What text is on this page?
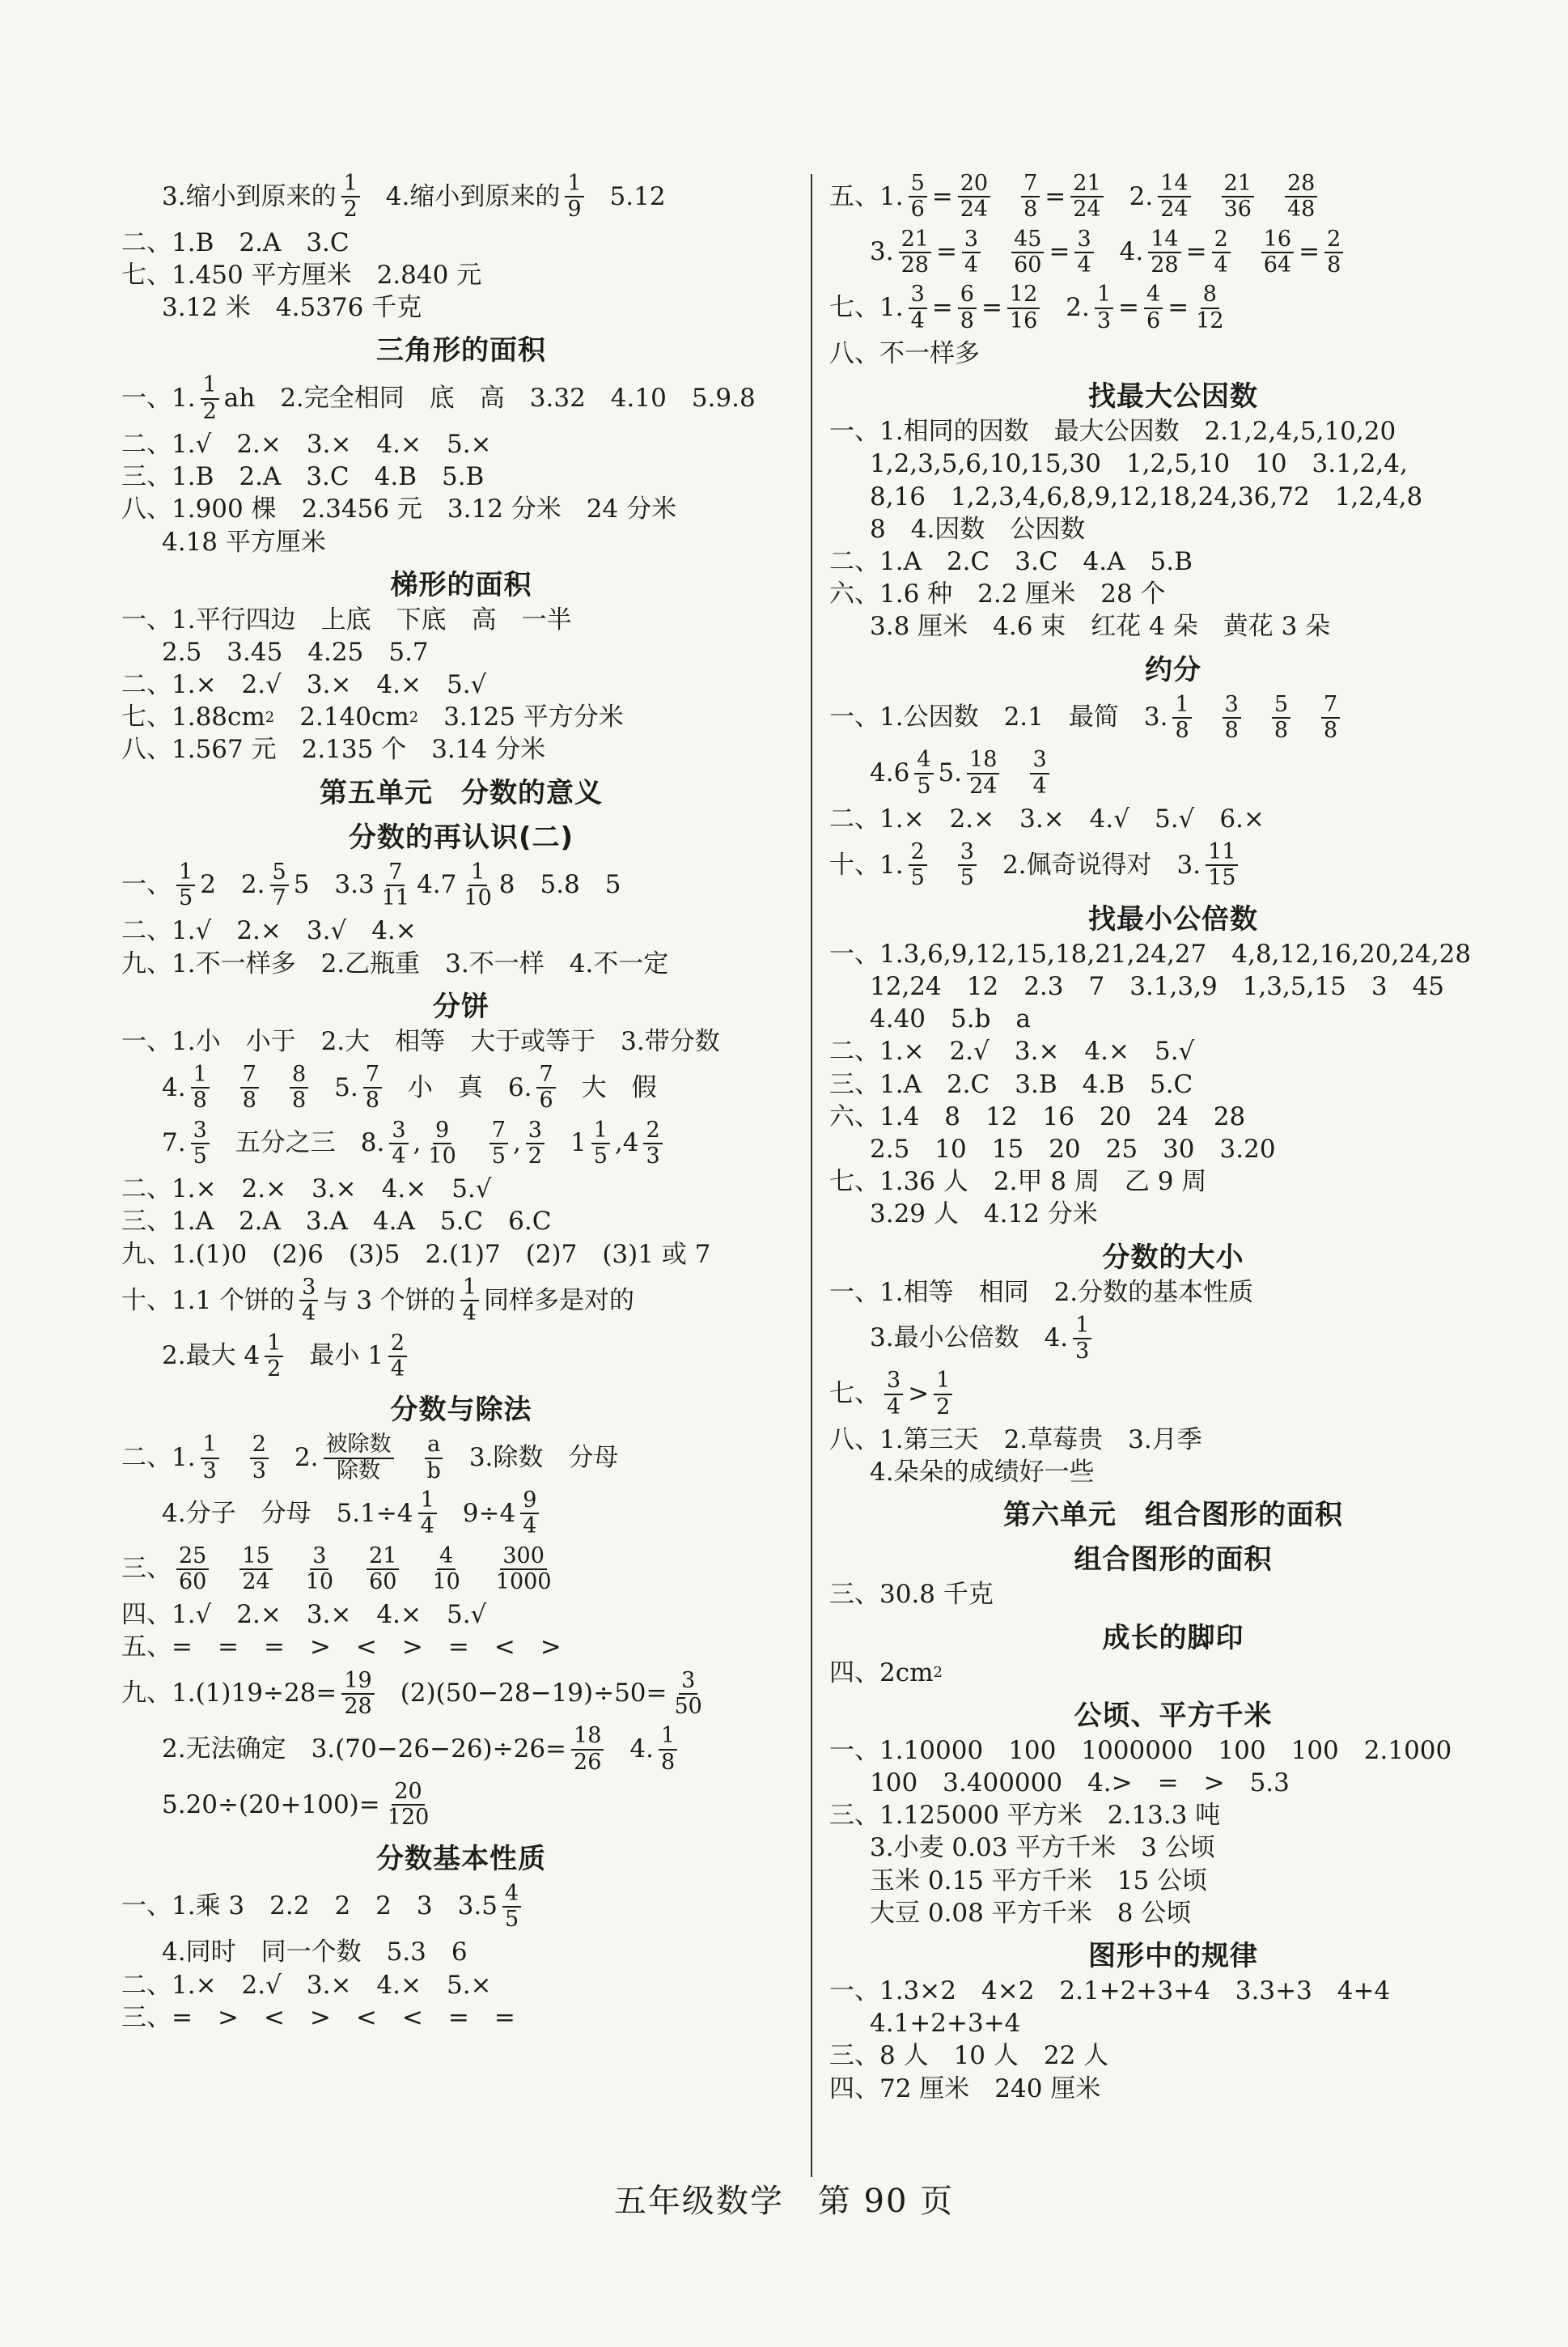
3.缩小到原来的 $\frac{1}{2} 4$.缩小到原来的 $\frac{1}{9} 5.12$
二、1.B　2.A　3.C
七、1.450 平方厘米　2.840 元
3.12 米　4.5376 千克
三角形的面积
一、1. $\frac{1}{2}$ ah　2.完全相同　底　高　3.32　4.10　5.9.8
二、1.√　2.×　3.×　4.×　5.×
三、1.B　2.A　3.C　4.B　5.B
八、1.900 棵　2.3456 元　3.12 分米　24 分米
4.18 平方厘米
梯形的面积
一、1.平行四边　上底　下底　高　一半
2.5　3.45　4.25　5.7
二、1.×　2.√　3.×　4.×　5.√
七、1.88cm 2 　2.140cm 2 　3.125 平方分米
八、1.567 元　2.135 个　3.14 分米
第五单元　分数的意义
分数的再认识(二)
一、 $\frac{1}{5} 2$　2. $\frac{5}{7} 5$　$3.3 \frac{7}{11} 4.7 \frac{1}{10} 8$　5.8　5
二、1.√　2.×　3.√　4.×
九、1.不一样多　2.乙瓶重　3.不一样　4.不一定
分饼
一、1.小　小于　2.大　相等　大于或等于　3.带分数
4. $\frac{1}{8} \frac{7}{8} \frac{8}{8} 5$. $\frac{7}{8}$ 小　真　6. $\frac{7}{6}$ 大　假
7. $\frac{3}{5}$ 五分之三　8. $\frac{3}{4}$ , $\frac{9}{10} \frac{7}{5}$ , $\frac{3}{2} 1 \frac{1}{5} ,4 \frac{2}{3}$
二、1.×　2.×　3.×　4.×　5.√
三、1.A　2.A　3.A　4.A　5.C　6.C
九、1.(1)0　(2)6　(3)5　2.(1)7　(2)7　(3)1 或 7
十、1.1 个饼的 $\frac{3}{4}$ 与 3 个饼的 $\frac{1}{4}$ 同样多是对的
2.最大 $4 \frac{1}{2}$ 最小 $1 \frac{2}{4}$
分数与除法
二、1. $\frac{1}{3} \frac{2}{3} 2$. $\frac{\text{被除数}}{\text{除数}} \frac{a}{b} 3$.除数　分母
4.分子　分母　$5.1\div 4 \frac{1}{4} 9\div 4 \frac{9}{4}$
三、 $\frac{25}{60} \frac{15}{24} \frac{3}{10} \frac{21}{60} \frac{4}{10} \frac{300}{1000}$
四、1.√　2.×　3.×　4.×　5.√
五、=　=　=　>　<　>　=　<　>
九、$1.(1)19\div 28= \frac{19}{28} (2)(50-28-19)\div 50= \frac{3}{50}$
2.无法确定　$3.(70-26-26)\div 26= \frac{18}{26} 4$. $\frac{1}{8}$
$5.20\div(20+100)= \frac{20}{120}$
分数基本性质
一、1.乘 3　2.2　2　2　3　$3.5 \frac{4}{5}$
4.同时　同一个数　5.3　6
二、1.×　2.√　3.×　4.×　5.×
三、=　>　<　>　<　<　=　=
五、1. $\frac{5}{6} = \frac{20}{24} \frac{7}{8} = \frac{21}{24} 2$. $\frac{14}{24} \frac{21}{36} \frac{28}{48}$
3. $\frac{21}{28} = \frac{3}{4} \frac{45}{60} = \frac{3}{4} 4$. $\frac{14}{28} = \frac{2}{4} \frac{16}{64} = \frac{2}{8}$
七、1. $\frac{3}{4} = \frac{6}{8} = \frac{12}{16} 2$. $\frac{1}{3} = \frac{4}{6} = \frac{8}{12}$
八、不一样多
找最大公因数
一、1.相同的因数　最大公因数　2.1,2,4,5,10,20
1,2,3,5,6,10,15,30　1,2,5,10　10　3.1,2,4,
8,16　1,2,3,4,6,8,9,12,18,24,36,72　1,2,4,8
8　4.因数　公因数
二、1.A　2.C　3.C　4.A　5.B
六、1.6 种　2.2 厘米　28 个
3.8 厘米　4.6 束　红花 4 朵　黄花 3 朵
约分
一、1.公因数　2.1　最简　3. $\frac{1}{8} \frac{3}{8} \frac{5}{8} \frac{7}{8}$
$4.6 \frac{4}{5} 5$. $\frac{18}{24} \frac{3}{4}$
二、1.×　2.×　3.×　4.√　5.√　6.×
十、1. $\frac{2}{5} \frac{3}{5} 2$.佩奇说得对　3. $\frac{11}{15}$
找最小公倍数
一、1.3,6,9,12,15,18,21,24,27　4,8,12,16,20,24,28
12,24　12　2.3　7　3.1,3,9　1,3,5,15　3　45
4.40　5.b　a
二、1.×　2.√　3.×　4.×　5.√
三、1.A　2.C　3.B　4.B　5.C
六、1.4　8　12　16　20　24　28
2.5　10　15　20　25　30　3.20
七、1.36 人　2.甲 8 周　乙 9 周
3.29 人　4.12 分米
分数的大小
一、1.相等　相同　2.分数的基本性质
3.最小公倍数　4. $\frac{1}{3}$
七、 $\frac{3}{4} > \frac{1}{2}$
八、1.第三天　2.草莓贵　3.月季
4.朵朵的成绩好一些
第六单元　组合图形的面积
组合图形的面积
三、30.8 千克
成长的脚印
四、2cm 2
公顷、平方千米
一、1.10000　100　1000000　100　100　2.1000
100　3.400000　4.>　=　>　5.3
三、1.125000 平方米　2.13.3 吨
3.小麦 0.03 平方千米　3 公顷
玉米 0.15 平方千米　15 公顷
大豆 0.08 平方千米　8 公顷
图形中的规律
一、1.3×2　4×2　2.1+2+3+4　3.3+3　4+4
4.1+2+3+4
三、8 人　10 人　22 人
四、72 厘米　240 厘米
五年级数学　第 90 页
